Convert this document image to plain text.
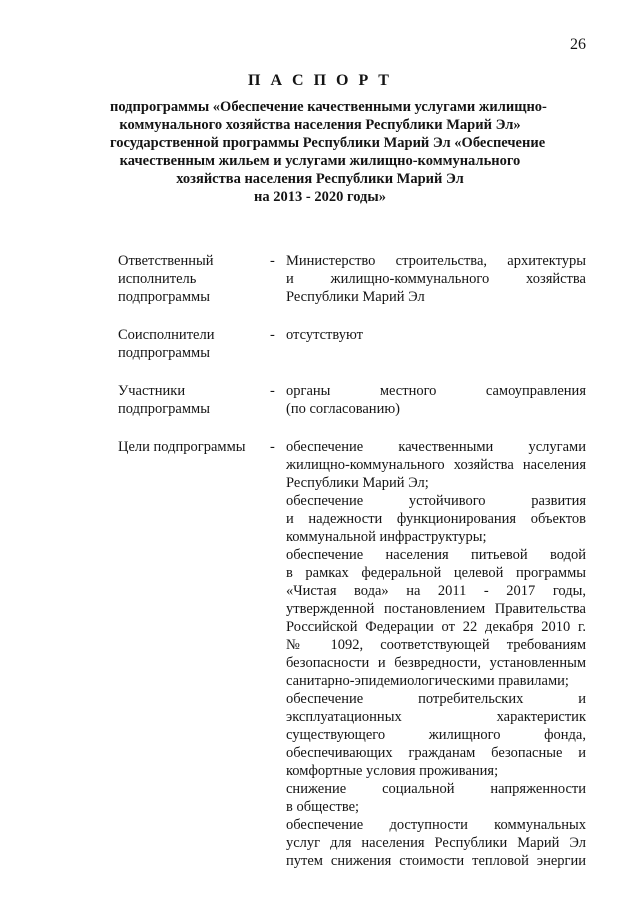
26
П А С П О Р Т
подпрограммы «Обеспечение качественными услугами жилищно-
коммунального хозяйства населения Республики Марий Эл»
государственной программы Республики Марий Эл «Обеспечение
качественным жильем и услугами жилищно-коммунального
хозяйства населения Республики Марий Эл
на 2013 - 2020 годы»
Ответственный
исполнитель
подпрограммы
- Министерство строительства, архитектуры
и жилищно-коммунального хозяйства
Республики Марий Эл
Соисполнители
подпрограммы
- отсутствуют
Участники
подпрограммы
- органы местного самоуправления
(по согласованию)
Цели подпрограммы	- обеспечение качественными услугами
жилищно-коммунального хозяйства населения
Республики Марий Эл;
обеспечение устойчивого развития
и надежности функционирования объектов
коммунальной инфраструктуры;
обеспечение населения питьевой водой
в рамках федеральной целевой программы
«Чистая вода» на 2011 - 2017 годы,
утвержденной постановлением Правительства
Российской Федерации от 22 декабря 2010 г.
№ 1092, соответствующей требованиям
безопасности и безвредности, установленным
санитарно-эпидемиологическими правилами;
обеспечение потребительских и
эксплуатационных характеристик
существующего жилищного фонда,
обеспечивающих гражданам безопасные и
комфортные условия проживания;
снижение социальной напряженности
в обществе;
обеспечение доступности коммунальных
услуг для населения Республики Марий Эл
путем снижения стоимости тепловой энергии
